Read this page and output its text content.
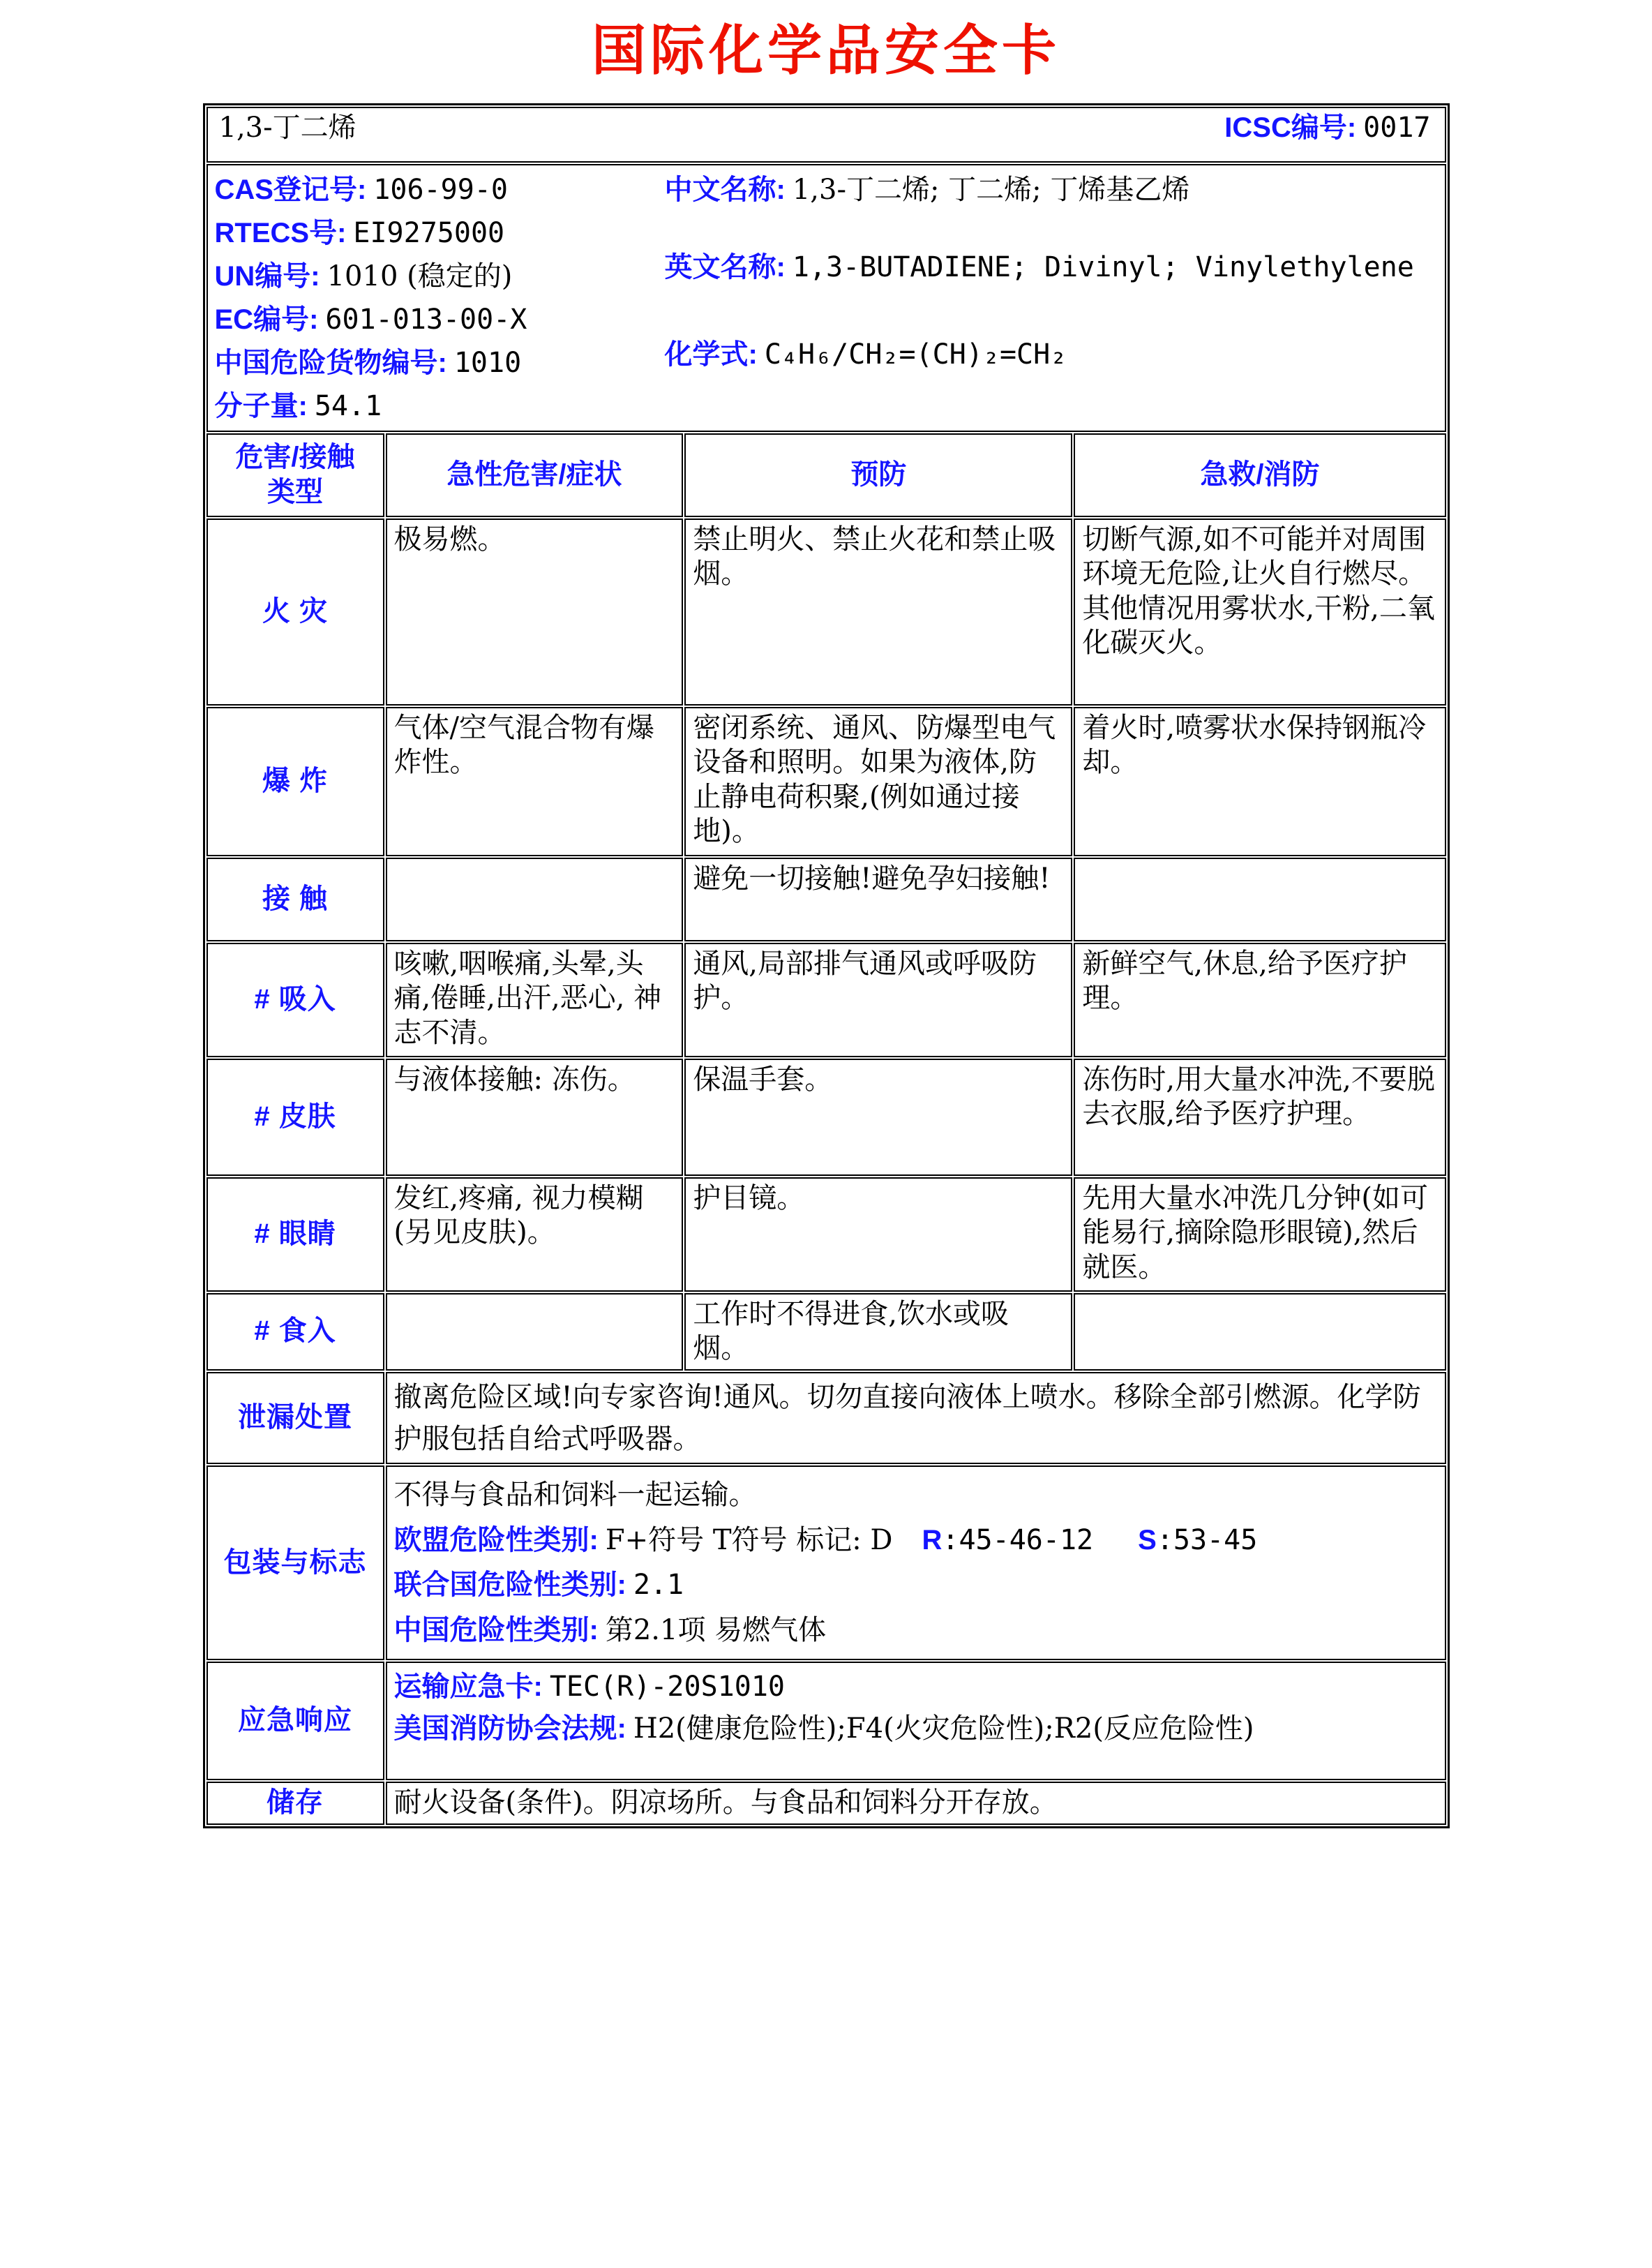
国际化学品安全卡
1,3-丁二烯 ICSC编号: 0017			

CAS登记号: 106-99-0
RTECS号: EI9275000
UN编号: 1010 (稳定的)
EC编号: 601-013-00-X
中国危险货物编号: 1010
分子量: 54.1
中文名称: 1,3-丁二烯; 丁二烯; 丁烯基乙烯
英文名称: 1,3-BUTADIENE; Divinyl; Vinylethylene
化学式: C₄H₆/CH₂=(CH)₂=CH₂

危害/接触
类型	急性危害/症状	预防	急救/消防
火 灾	极易燃。	禁止明火、禁止火花和禁止吸烟。	切断气源,如不可能并对周围环境无危险,让火自行燃尽。其他情况用雾状水,干粉,二氧化碳灭火。
爆 炸	气体/空气混合物有爆炸性。	密闭系统、通风、防爆型电气设备和照明。如果为液体,防止静电荷积聚,(例如通过接地)。	着火时,喷雾状水保持钢瓶冷却。
接 触		避免一切接触!避免孕妇接触!	
# 吸入	咳嗽,咽喉痛,头晕,头痛,倦睡,出汗,恶心, 神志不清。	通风,局部排气通风或呼吸防护。	新鲜空气,休息,给予医疗护理。
# 皮肤	与液体接触: 冻伤。	保温手套。	冻伤时,用大量水冲洗,不要脱去衣服,给予医疗护理。
# 眼睛	发红,疼痛, 视力模糊(另见皮肤)。	护目镜。	先用大量水冲洗几分钟(如可能易行,摘除隐形眼镜),然后就医。
# 食入		工作时不得进食,饮水或吸烟。	
泄漏处置	撤离危险区域!向专家咨询!通风。切勿直接向液体上喷水。移除全部引燃源。化学防护服包括自给式呼吸器。		
包装与标志	不得与食品和饲料一起运输。
欧盟危险性类别: F+符号 T符号 标记: D R:45-46-12 S:53-45
联合国危险性类别: 2.1
中国危险性类别: 第2.1项 易燃气体		

应急响应	运输应急卡: TEC(R)-20S1010
美国消防协会法规: H2(健康危险性);F4(火灾危险性);R2(反应危险性)		

储存	耐火设备(条件)。阴凉场所。与食品和饲料分开存放。		
